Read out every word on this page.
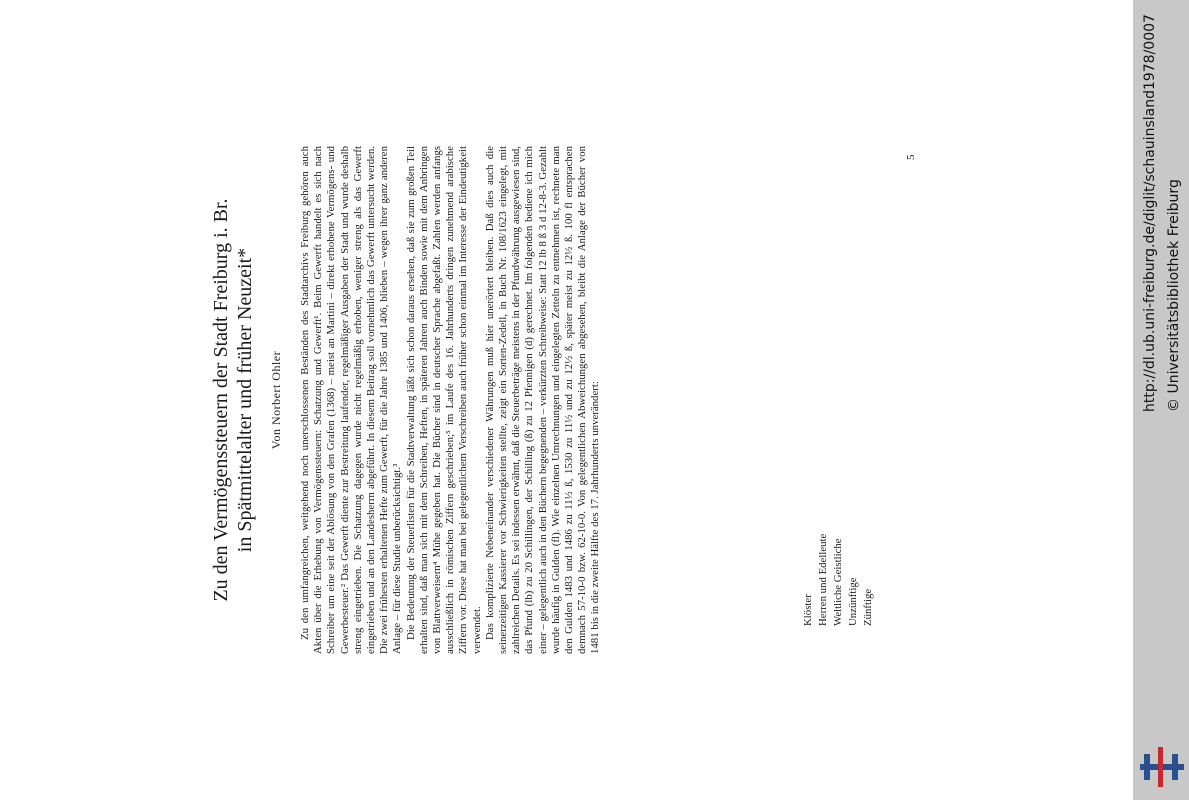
Zu den Vermögenssteuern der Stadt Freiburg i. Br. in Spätmittelalter und früher Neuzeit* Von Norbert Ohler Zu den umfangreichen, weitgehend noch unerschlossenen Beständen des Stadtarchivs Freiburg gehören auch Akten über die Erhebung von Vermögenssteuern: Schatzung und Gewerft¹. Beim Gewerft handelt es sich nach Schreiber um eine seit der Ablösung von den Grafen (1368) – meist an Martini – direkt erhobene Vermögens- und Gewerbesteuer.² Das Gewerft diente zur Bestreitung laufender, regelmäßiger Ausgaben der Stadt und wurde deshalb streng eingetrieben. Die Schatzung dagegen wurde nicht regelmäßig erhoben, weniger streng als das Gewerft eingetrieben und an den Landesherrn abgeführt. In diesem Beitrag soll vornehmlich das Gewerft untersucht werden. Die zwei frühesten erhaltenen Hefte zum Gewerft, für die Jahre 1385 und 1406, blieben – wegen ihrer ganz anderen Anlage – für diese Studie unberücksichtigt.³ Die Bedeutung der Steuerlisten für die Stadtverwaltung läßt sich schon daraus ersehen, daß sie zum großen Teil erhalten sind, daß man sich mit dem Schreiben, Heften, in späteren Jahren auch Binden sowie mit dem Anbringen von Blattverweisern⁴ Mühe gegeben hat. Die Bücher sind in deutscher Sprache abgefaßt. Zahlen werden anfangs ausschließlich in römischen Ziffern geschrieben;⁵ im Laufe des 16. Jahrhunderts dringen zunehmend arabische Ziffern vor. Diese hat man bei gelegentlichem Verschreiben auch früher schon einmal im Interesse der Eindeutigkeit verwendet. Das komplizierte Nebeneinander verschiedener Währungen muß hier unerörtert bleiben. Daß dies auch die seinerzeitigen Kassierer vor Schwierigkeiten stellte, zeigt ein Sorten-Zedell, in Buch Nr. 108/1623 eingelegt, mit zahlreichen Details. Es sei indessen erwähnt, daß die Steuerbeträge meistens in der Pfundwährung ausgewiesen sind, das Pfund (lb) zu 20 Schillingen, der Schilling (ß) zu 12 Pfennigen (d) gerechnet. Im folgenden bediene ich mich einer – gelegentlich auch in den Büchern begegnenden – verkürzten Schreibweise: Statt 12 lb 8 ß 3 d 12-8-3. Gezahlt wurde häufig in Gulden (fl). Wie einzelnen Umrechnungen und eingelegten Zetteln zu entnehmen ist, rechnete man den Gulden 1483 und 1486 zu 11½ ß, 1530 zu 11½ und zu 12½ ß, später meist zu 12½ ß. 100 fl entsprachen demnach 57-10-0 bzw. 62-10-0. Von gelegentlichen Abweichungen abgesehen, bleibt die Anlage der Bücher von 1481 bis in die zweite Hälfte des 17. Jahrhunderts unverändert:	Klöster Herren und Edelleute Weltliche Geistliche Unzünftige Zünftige
5	http://dl.ub.uni-freiburg.de/diglit/schauinsland1978/0007 © Universitätsbibliothek Freiburg
